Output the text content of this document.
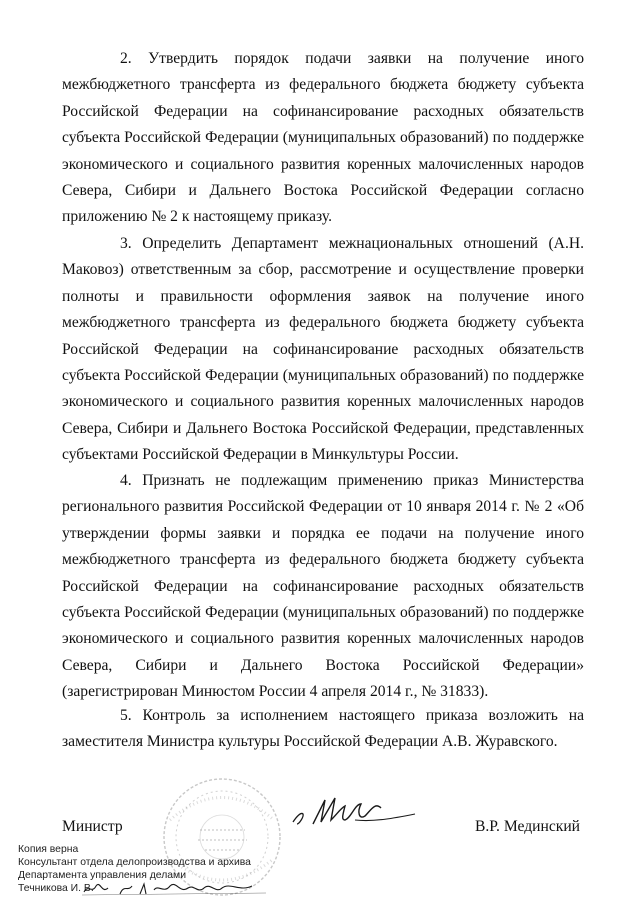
2. Утвердить порядок подачи заявки на получение иного межбюджетного трансферта из федерального бюджета бюджету субъекта Российской Федерации на софинансирование расходных обязательств субъекта Российской Федерации (муниципальных образований) по поддержке экономического и социального развития коренных малочисленных народов Севера, Сибири и Дальнего Востока Российской Федерации согласно приложению № 2 к настоящему приказу.

3. Определить Департамент межнациональных отношений (А.Н. Маковоз) ответственным за сбор, рассмотрение и осуществление проверки полноты и правильности оформления заявок на получение иного межбюджетного трансферта из федерального бюджета бюджету субъекта Российской Федерации на софинансирование расходных обязательств субъекта Российской Федерации (муниципальных образований) по поддержке экономического и социального развития коренных малочисленных народов Севера, Сибири и Дальнего Востока Российской Федерации, представленных субъектами Российской Федерации в Минкультуры России.

4. Признать не подлежащим применению приказ Министерства регионального развития Российской Федерации от 10 января 2014 г. № 2 «Об утверждении формы заявки и порядка ее подачи на получение иного межбюджетного трансферта из федерального бюджета бюджету субъекта Российской Федерации на софинансирование расходных обязательств субъекта Российской Федерации (муниципальных образований) по поддержке экономического и социального развития коренных малочисленных народов Севера, Сибири и Дальнего Востока Российской Федерации» (зарегистрирован Минюстом России 4 апреля 2014 г., № 31833).

5. Контроль за исполнением настоящего приказа возложить на заместителя Министра культуры Российской Федерации А.В. Журавского.

Министр	В.Р. Мединский
Копия верна
Консультант отдела делопроизводства и архива
Департамента управления делами
Течникова И. В.
